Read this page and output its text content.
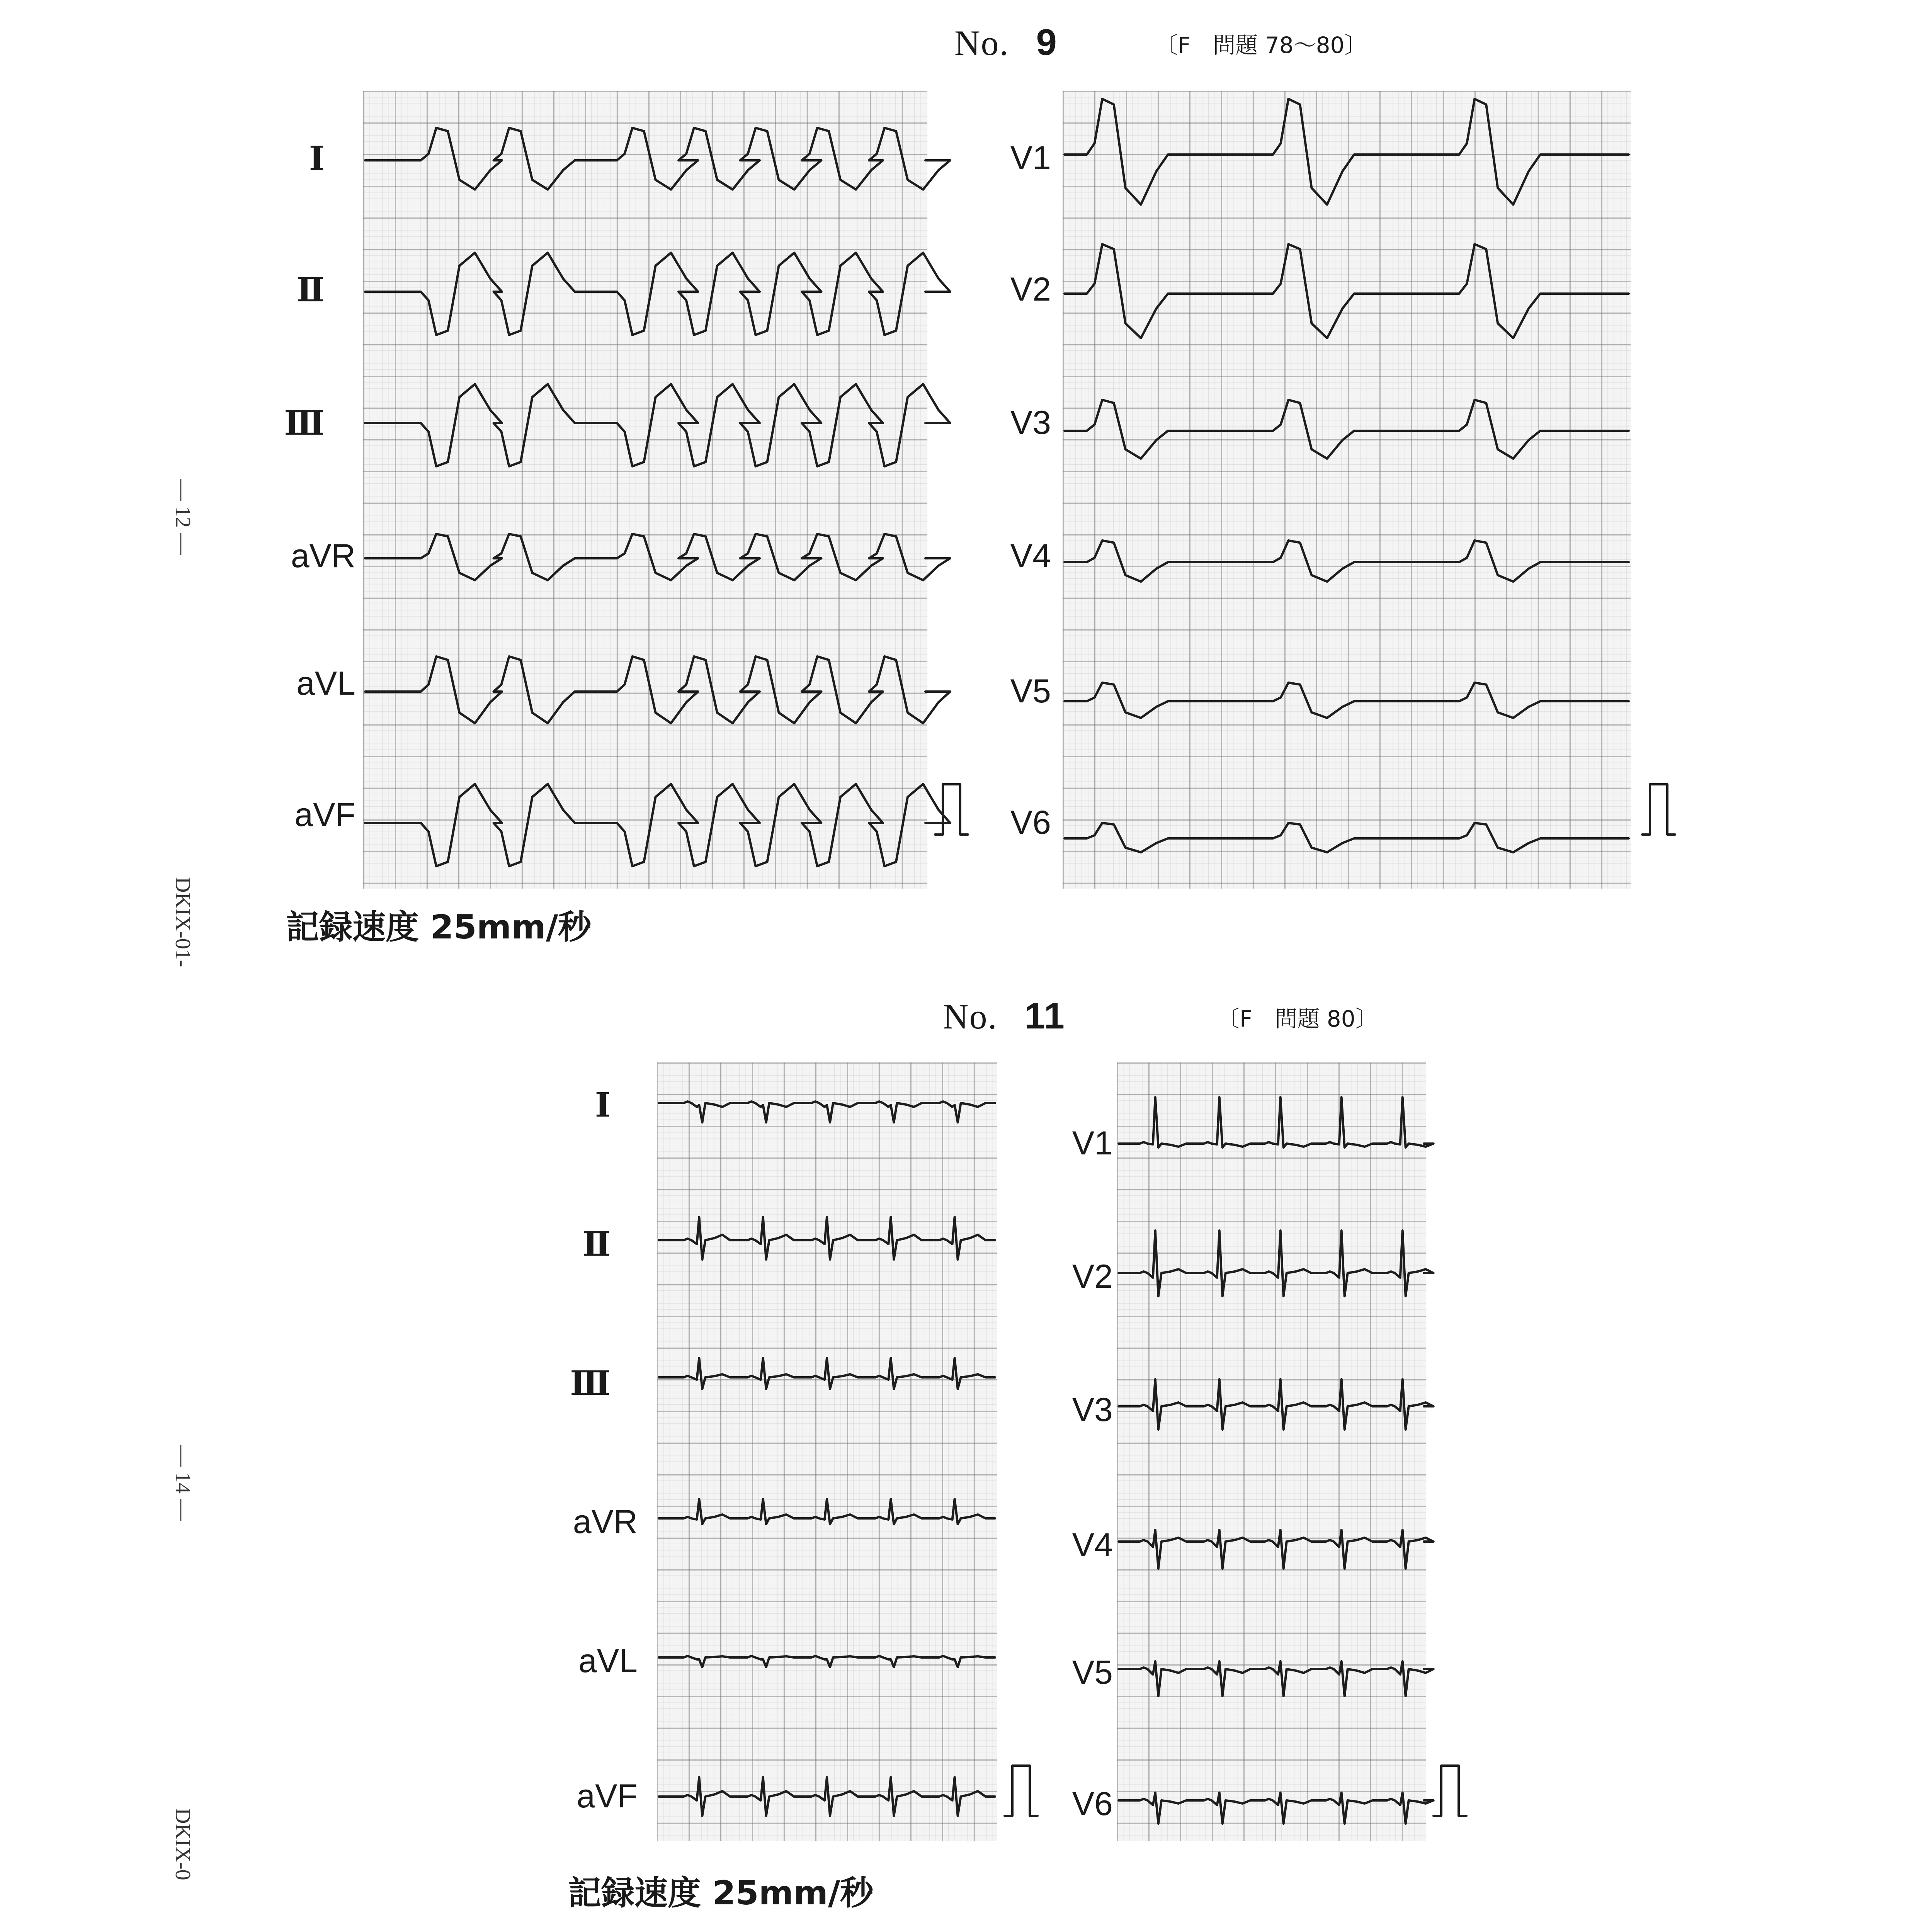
— 12 —
DKIX-01-
— 14 —
DKIX-0
No. 9	〔F　問題 78～80〕
Ⅰ
Ⅱ
Ⅲ
aVR
aVL
aVF
V1
V2
V3
V4
V5
V6
記録速度 25mm/秒
No. 11	〔F　問題 80〕
Ⅰ
Ⅱ
Ⅲ
aVR
aVL
aVF
V1
V2
V3
V4
V5
V6
記録速度 25mm/秒
